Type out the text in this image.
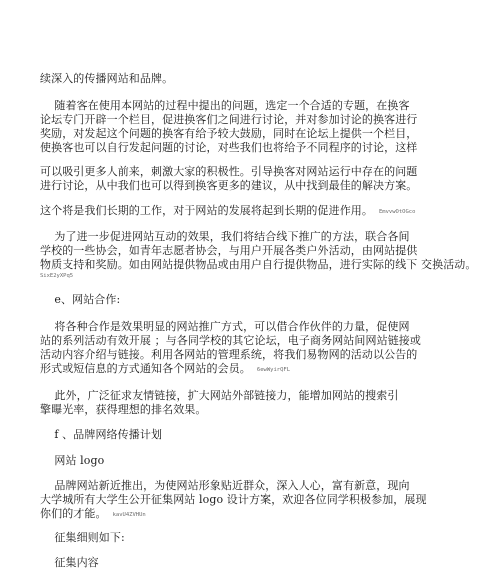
续深入的传播网站和品牌。
随着客在使用本网站的过程中提出的问题，选定一个合适的专题，在换客
论坛专门开辟一个栏目，促进换客们之间进行讨论，并对参加讨论的换客进行
奖励，对发起这个问题的换客有给予较大鼓励，同时在论坛上提供一个栏目，
使换客也可以自行发起问题的讨论，对些我们也将给予不同程序的讨论，这样
可以吸引更多人前来，刺激大家的积极性。引导换客对网站运行中存在的问题
进行讨论，从中我们也可以得到换客更多的建议，从中找到最佳的解决方案。
这个将是我们长期的工作，对于网站的发展将起到长期的促进作用。 EmvvwOtOGco
为了进一步促进网站互动的效果，我们将结合线下推广的方法，联合各间
学校的一些协会，如青年志愿者协会，与用户开展各类户外活动，由网站提供
物质支持和奖励。如由网站提供物品或由用户自行提供物品，进行实际的线下 交换活动。
SixE2yXPq5
e、网站合作:
将各种合作是效果明显的网站推广方式，可以借合作伙伴的力量，促使网
站的系列活动有效开展 ；与各同学校的其它论坛，电子商务网站间网站链接或
活动内容介绍与链接。利用各网站的管理系统，将我们易物网的活动以公告的
形式或短信息的方式通知各个网站的会员。 6ewWyirQFL
此外，广泛征求友情链接，扩大网站外部链接力，能增加网站的搜索引
擎曝光率，获得理想的排名效果。
f 、品牌网络传播计划
网站 logo
品牌网站新近推出，为使网站形象贴近群众，深入人心，富有新意，现向
大学城所有大学生公开征集网站 logo 设计方案，欢迎各位同学积极参加，展现
你们的才能。 kavU4ZVHUn
征集细则如下:
征集内容
